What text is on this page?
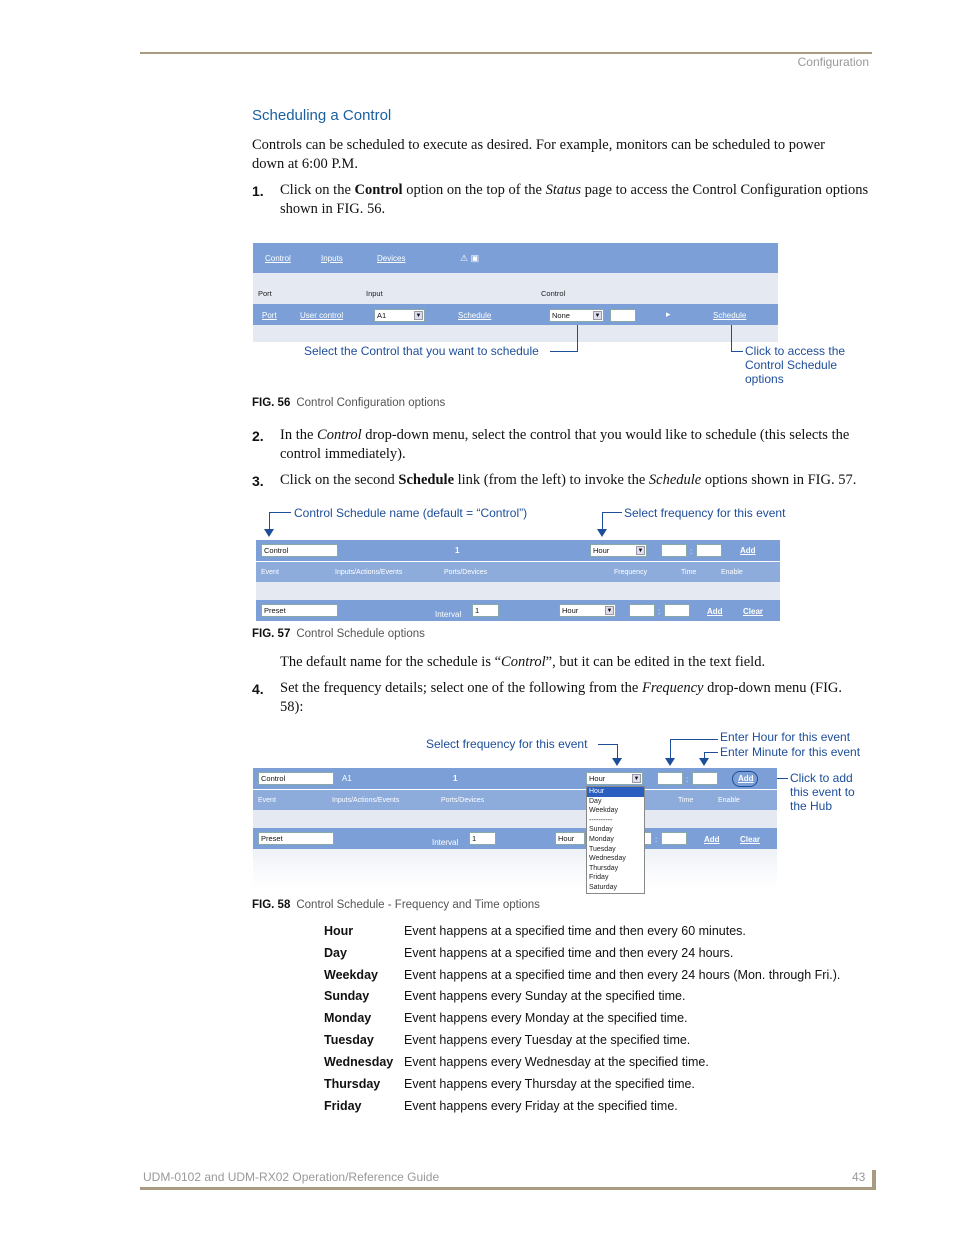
Configuration
Scheduling a Control
Controls can be scheduled to execute as desired. For example, monitors can be scheduled to power down at 6:00 P.M.
1. Click on the Control option on the top of the Status page to access the Control Configuration options shown in FIG. 56.
Control	Inputs	Devices	⚠ ▣
Port	Input	Control
Port	User control	A1	▼	Schedule	None	▼	▸	Schedule
Select the Control that you want to schedule	Click to access the Control Schedule options
FIG. 56 Control Configuration options
2. In the Control drop-down menu, select the control that you would like to schedule (this selects the control immediately).
3. Click on the second Schedule link (from the left) to invoke the Schedule options shown in FIG. 57.
Control Schedule name (default = “Control”)	Select frequency for this event
Control	1	Hour	▼	:	Add
Event	Inputs/Actions/Events	Ports/Devices	Frequency	Time	Enable
Preset	Interval	1	Hour	▼	:	Add	Clear
FIG. 57 Control Schedule options
The default name for the schedule is “Control”, but it can be edited in the text field.
4. Set the frequency details; select one of the following from the Frequency drop-down menu (FIG. 58):
Select frequency for this event	Enter Hour for this event
Enter Minute for this event
Click to add this event to the Hub
Control	A1	1	Hour	▼	:	Add
Event	Inputs/Actions/Events	Ports/Devices	Time	Enable
Preset	Interval	1	Hour	:	Add	Clear
Hour
Day
Weekday
----------
Sunday
Monday
Tuesday
Wednesday
Thursday
Friday
Saturday
FIG. 58 Control Schedule - Frequency and Time options
Hour	Event happens at a specified time and then every 60 minutes.
Day	Event happens at a specified time and then every 24 hours.
Weekday Event happens at a specified time and then every 24 hours (Mon. through Fri.).
Sunday	Event happens every Sunday at the specified time.
Monday	Event happens every Monday at the specified time.
Tuesday Event happens every Tuesday at the specified time.
Wednesday Event happens every Wednesday at the specified time.
Thursday Event happens every Thursday at the specified time.
Friday	Event happens every Friday at the specified time.
UDM-0102 and UDM-RX02 Operation/Reference Guide	43
